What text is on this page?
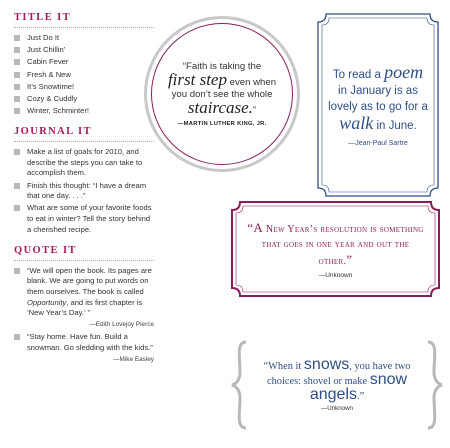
TITLE IT
Just Do It
Just Chillin’
Cabin Fever
Fresh & New
It’s Snowtime!
Cozy & Cuddly
Winter, Schminter!
JOURNAL IT
Make a list of goals for 2010, and describe the steps you can take to accomplish them.
Finish this thought: “I have a dream that one day. . . .”
What are some of your favorite foods to eat in winter? Tell the story behind a cherished recipe.
QUOTE IT
“We will open the book. Its pages are blank. We are going to put words on them ourselves. The book is called Opportunity, and its first chapter is ‘New Year’s Day.’ ”
—Edith Lovejoy Pierce
“Stay home. Have fun. Build a snowman. Go sledding with the kids.”
—Mike Easley
“Faith is taking the
first step even when you don’t see the whole
staircase.”
—MARTIN LUTHER KING, JR.
To read a poem in January is as lovely as to go for a walk in June.
—Jean-Paul Sartre
“A New Year’s resolution is something that goes in one year and out the other.”
—Unknown
“When it snows, you have two choices: shovel or make snow angels.”
—Unknown
